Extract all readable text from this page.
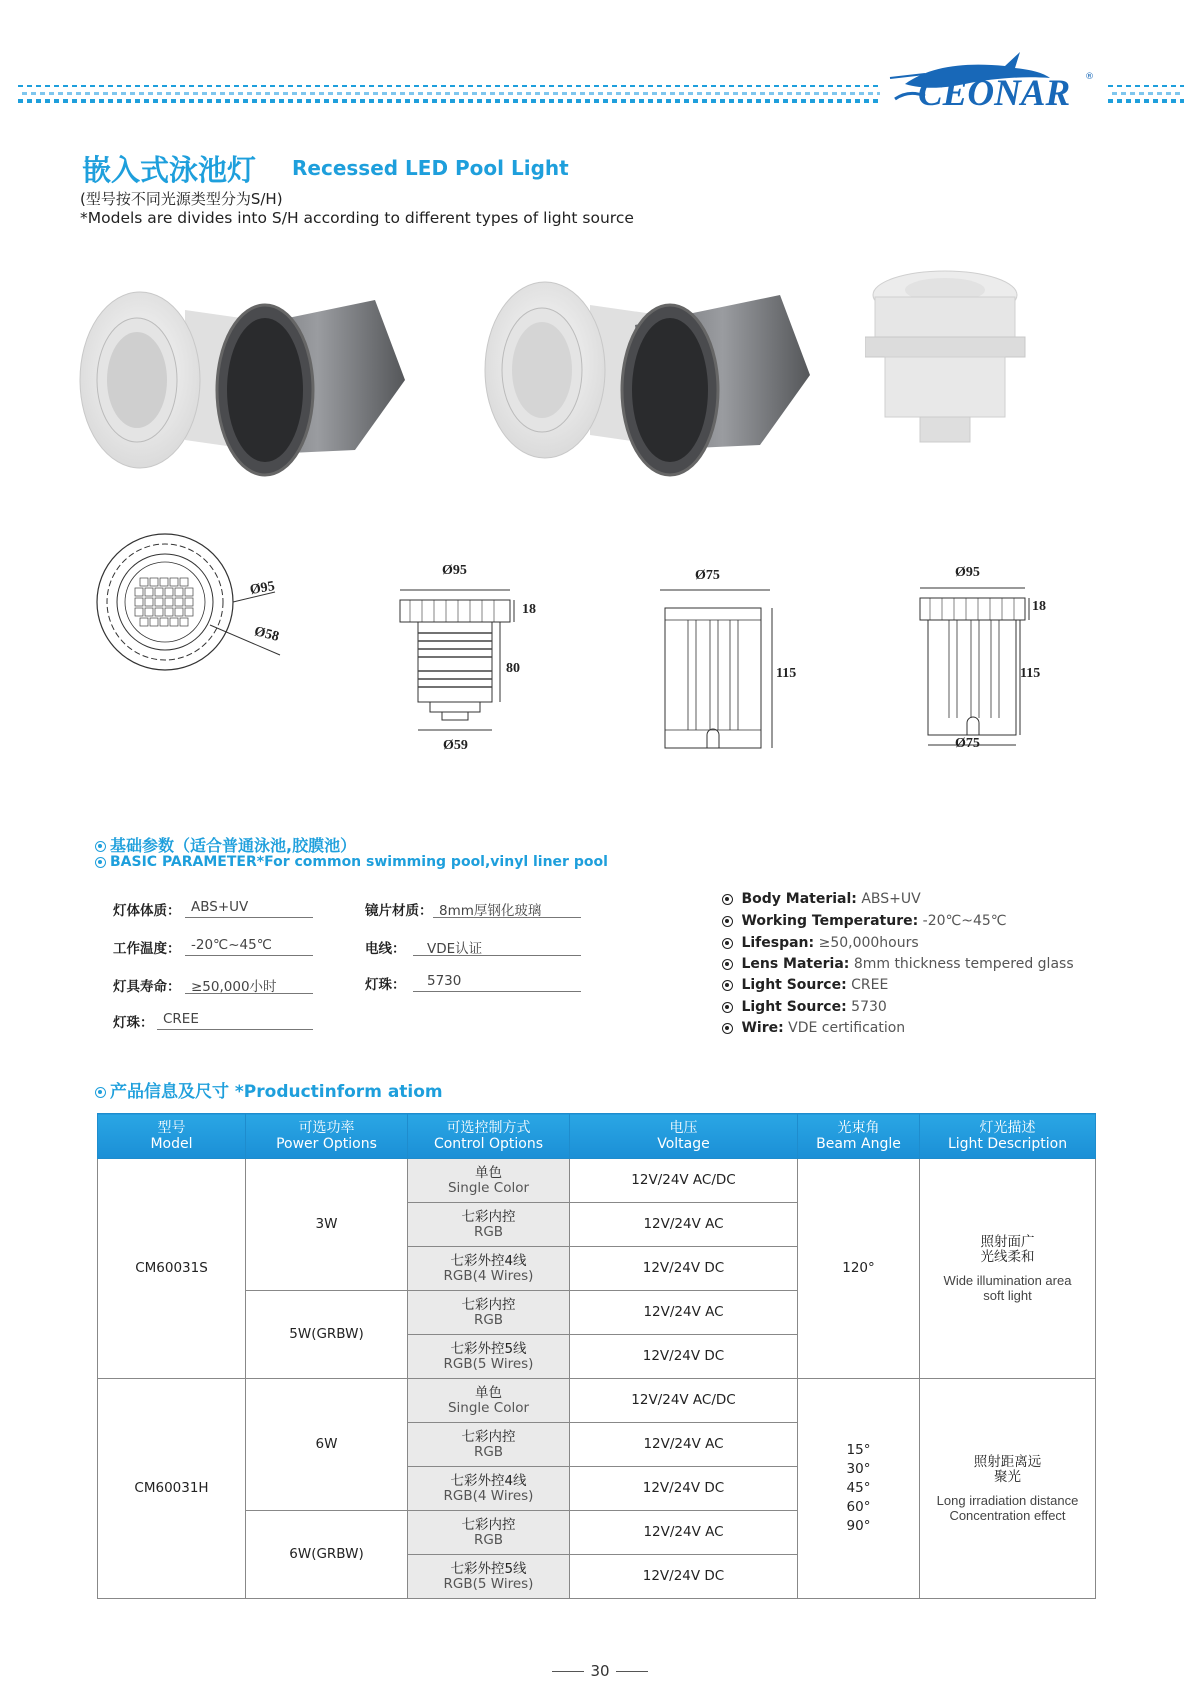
CEONAR ®
嵌入式泳池灯 Recessed LED Pool Light
(型号按不同光源类型分为S/H)
*Models are divides into S/H according to different types of light source
Ø95
Ø58
Ø95
18
80
Ø59
Ø75
115
Ø95
18
115
Ø75
基础参数（适合普通泳池,胶膜池）
BASIC PARAMETER*For common swimming pool,vinyl liner pool
灯体体质： ABS+UV
工作温度： -20℃~45℃
灯具寿命： ≥50,000小时
灯珠： CREE
镜片材质： 8mm厚钢化玻璃
电线：	VDE认证
灯珠：	5730
Body Material: ABS+UV
Working Temperature: -20℃~45℃
Lifespan: ≥50,000hours
Lens Materia: 8mm thickness tempered glass
Light Source: CREE
Light Source: 5730
Wire: VDE certification
产品信息及尺寸 *Productinform atiom
型号
Model	可选功率
Power Options	可选控制方式
Control Options	电压
Voltage	光束角
Beam Angle	灯光描述
Light Description
CM60031S	3W	单色
Single Color	12V/24V AC/DC	120°	照射面广
光线柔和
Wide illumination area
soft light

		七彩内控
RGB	12V/24V AC		

		七彩外控4线
RGB(4 Wires)	12V/24V DC		
	5W(GRBW)	七彩内控
RGB	12V/24V AC		

		七彩外控5线
RGB(5 Wires)	12V/24V DC		
CM60031H	6W	单色
Single Color	12V/24V AC/DC	15°
30°
45°
60°
90°	照射距离远
聚光
Long irradiation distance
Concentration effect

		七彩内控
RGB	12V/24V AC		

		七彩外控4线
RGB(4 Wires)	12V/24V DC		
	6W(GRBW)	七彩内控
RGB	12V/24V AC		

		七彩外控5线
RGB(5 Wires)	12V/24V DC		
30
